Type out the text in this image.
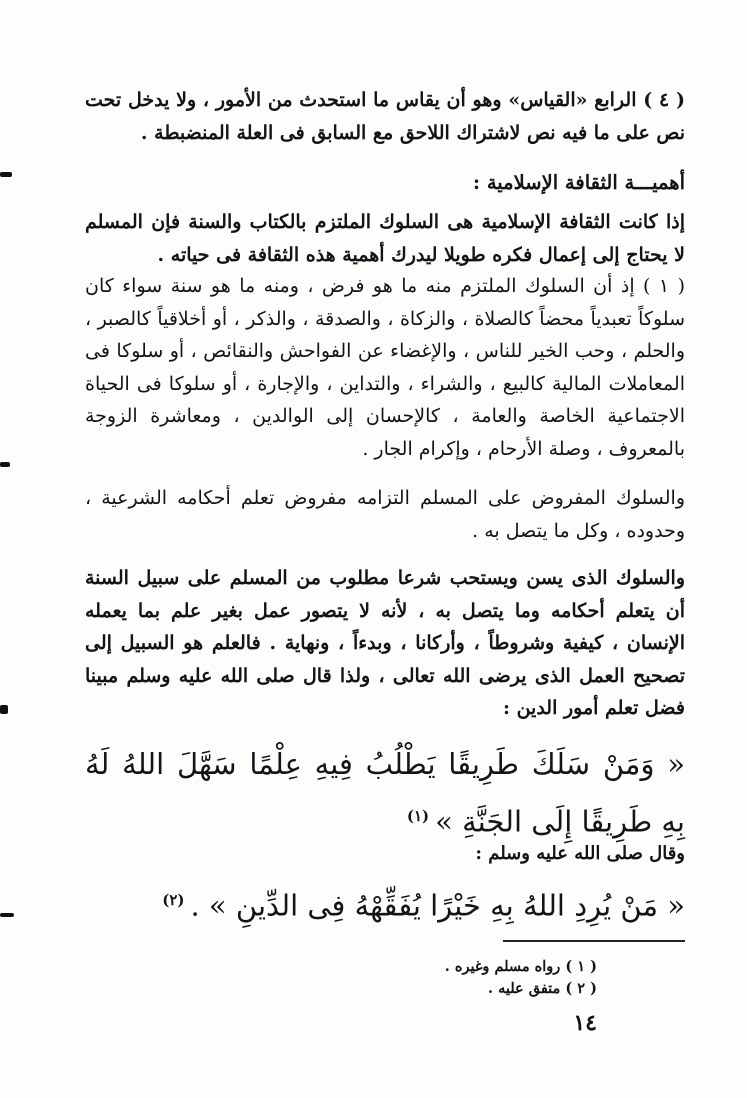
( ٤ ) الرابع «القياس» وهو أن يقاس ما استحدث من الأمور ، ولا يدخل تحت نص على ما فيه نص لاشتراك اللاحق مع السابق فى العلة المنضبطة .

أهميـــة الثقافة الإسلامية :

إذا كانت الثقافة الإسلامية هى السلوك الملتزم بالكتاب والسنة فإن المسلم لا يحتاج إلى إعمال فكره طويلا ليدرك أهمية هذه الثقافة فى حياته .

( ١ ) إذ أن السلوك الملتزم منه ما هو فرض ، ومنه ما هو سنة سواء كان سلوكاً تعبدياً محضاً كالصلاة ، والزكاة ، والصدقة ، والذكر ، أو أخلاقياً كالصبر ، والحلم ، وحب الخير للناس ، والإغضاء عن الفواحش والنقائص ، أو سلوكا فى المعاملات المالية كالبيع ، والشراء ، والتداين ، والإجارة ، أو سلوكا فى الحياة الاجتماعية الخاصة والعامة ، كالإحسان إلى الوالدين ، ومعاشرة الزوجة بالمعروف ، وصلة الأرحام ، وإكرام الجار .

والسلوك المفروض على المسلم التزامه مفروض تعلم أحكامه الشرعية ، وحدوده ، وكل ما يتصل به .

والسلوك الذى يسن ويستحب شرعا مطلوب من المسلم على سبيل السنة أن يتعلم أحكامه وما يتصل به ، لأنه لا يتصور عمل بغير علم بما يعمله الإنسان ، كيفية وشروطاً ، وأركانا ، وبدءاً ، ونهاية . فالعلم هو السبيل إلى تصحيح العمل الذى يرضى الله تعالى ، ولذا قال صلى الله عليه وسلم مبينا فضل تعلم أمور الدين :

« وَمَنْ سَلَكَ طَرِيقًا يَطْلُبُ فِيهِ عِلْمًا سَهَّلَ اللهُ لَهُ بِهِ طَرِيقًا إِلَى الجَنَّةِ »$^{(١)}$

وقال صلى الله عليه وسلم :

« مَنْ يُرِدِ اللهُ بِهِ خَيْرًا يُفَقِّهْهُ فِى الدِّينِ » .$^{(٢)}$

( ١ ) رواه مسلم وغيره .

( ٢ ) متفق عليه .

١٤
